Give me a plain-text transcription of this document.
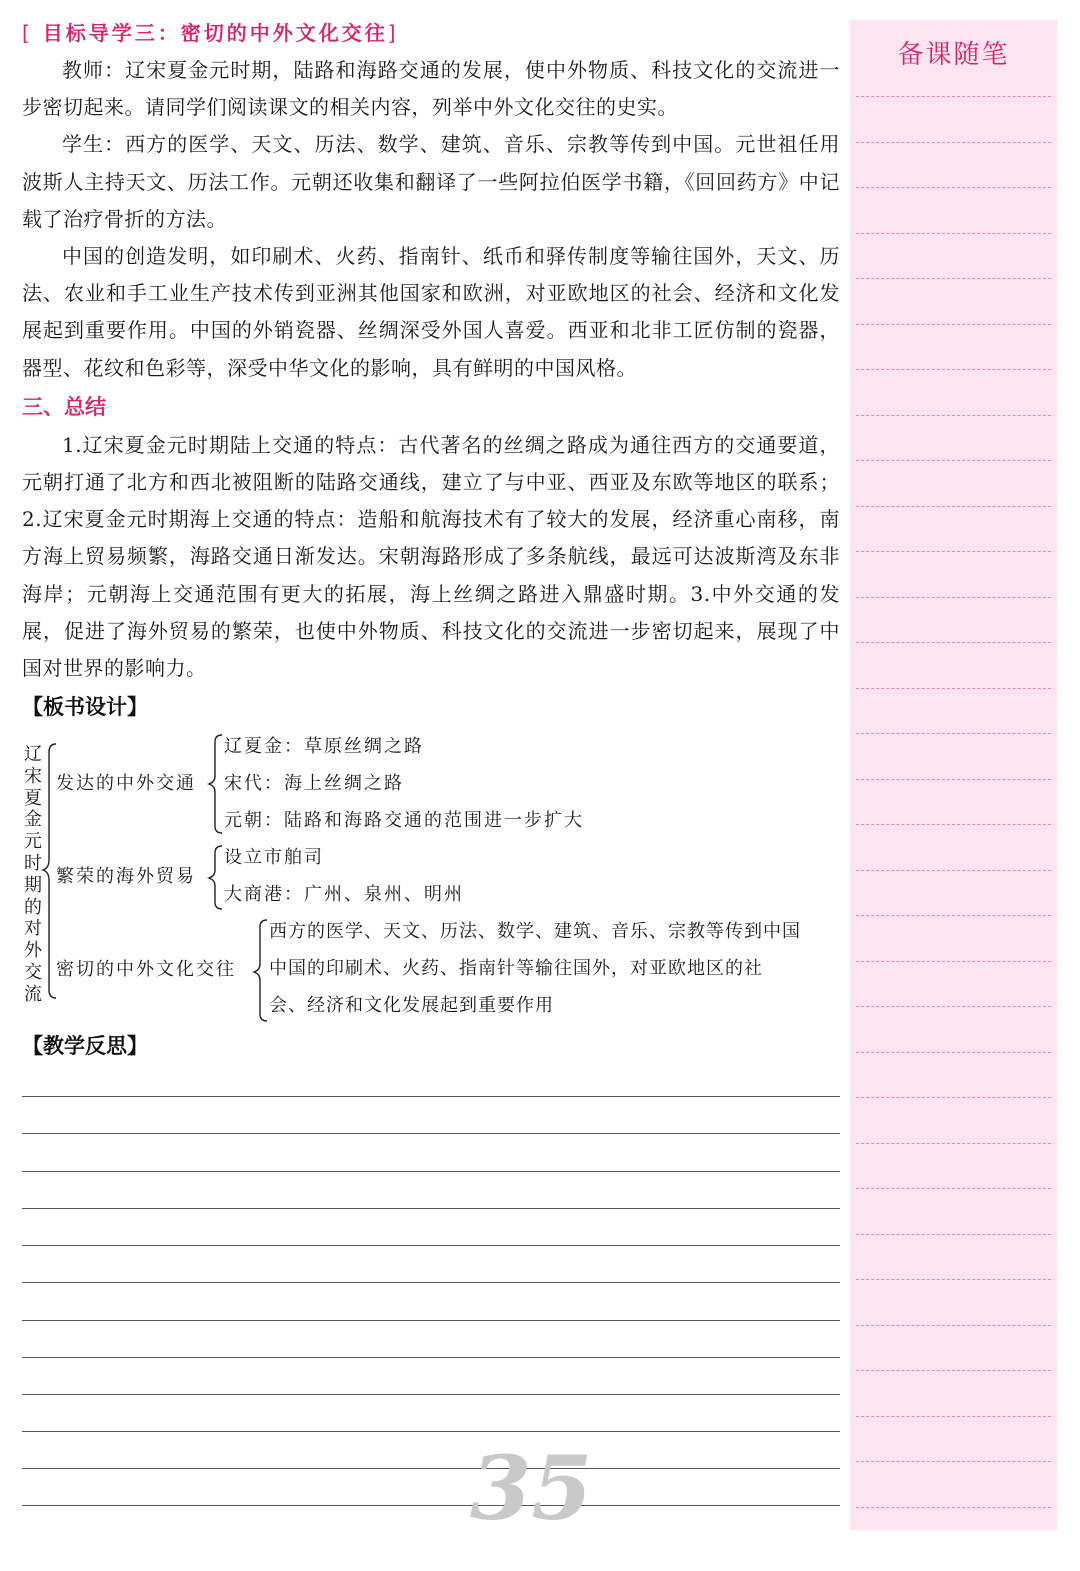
[ 目标导学三：密切的中外文化交往]

教师：辽宋夏金元时期，陆路和海路交通的发展，使中外物质、科技文化的交流进一步密切起来。请同学们阅读课文的相关内容，列举中外文化交往的史实。

学生：西方的医学、天文、历法、数学、建筑、音乐、宗教等传到中国。元世祖任用波斯人主持天文、历法工作。元朝还收集和翻译了一些阿拉伯医学书籍，《回回药方》中记载了治疗骨折的方法。

中国的创造发明，如印刷术、火药、指南针、纸币和驿传制度等输往国外，天文、历法、农业和手工业生产技术传到亚洲其他国家和欧洲，对亚欧地区的社会、经济和文化发展起到重要作用。中国的外销瓷器、丝绸深受外国人喜爱。西亚和北非工匠仿制的瓷器，器型、花纹和色彩等，深受中华文化的影响，具有鲜明的中国风格。

三、总结

1.辽宋夏金元时期陆上交通的特点：古代著名的丝绸之路成为通往西方的交通要道，元朝打通了北方和西北被阻断的陆路交通线，建立了与中亚、西亚及东欧等地区的联系；2.辽宋夏金元时期海上交通的特点：造船和航海技术有了较大的发展，经济重心南移，南方海上贸易频繁，海路交通日渐发达。宋朝海路形成了多条航线，最远可达波斯湾及东非海岸；元朝海上交通范围有更大的拓展，海上丝绸之路进入鼎盛时期。3.中外交通的发展，促进了海外贸易的繁荣，也使中外物质、科技文化的交流进一步密切起来，展现了中国对世界的影响力。

【板书设计】
辽宋夏金元时期的对外交流
发达的中外交通
辽夏金：草原丝绸之路
宋代：海上丝绸之路
元朝：陆路和海路交通的范围进一步扩大
繁荣的海外贸易
设立市舶司
大商港：广州、泉州、明州
密切的中外文化交往
西方的医学、天文、历法、数学、建筑、音乐、宗教等传到中国
中国的印刷术、火药、指南针等输往国外，对亚欧地区的社
会、经济和文化发展起到重要作用
【教学反思】
35
备课随笔
